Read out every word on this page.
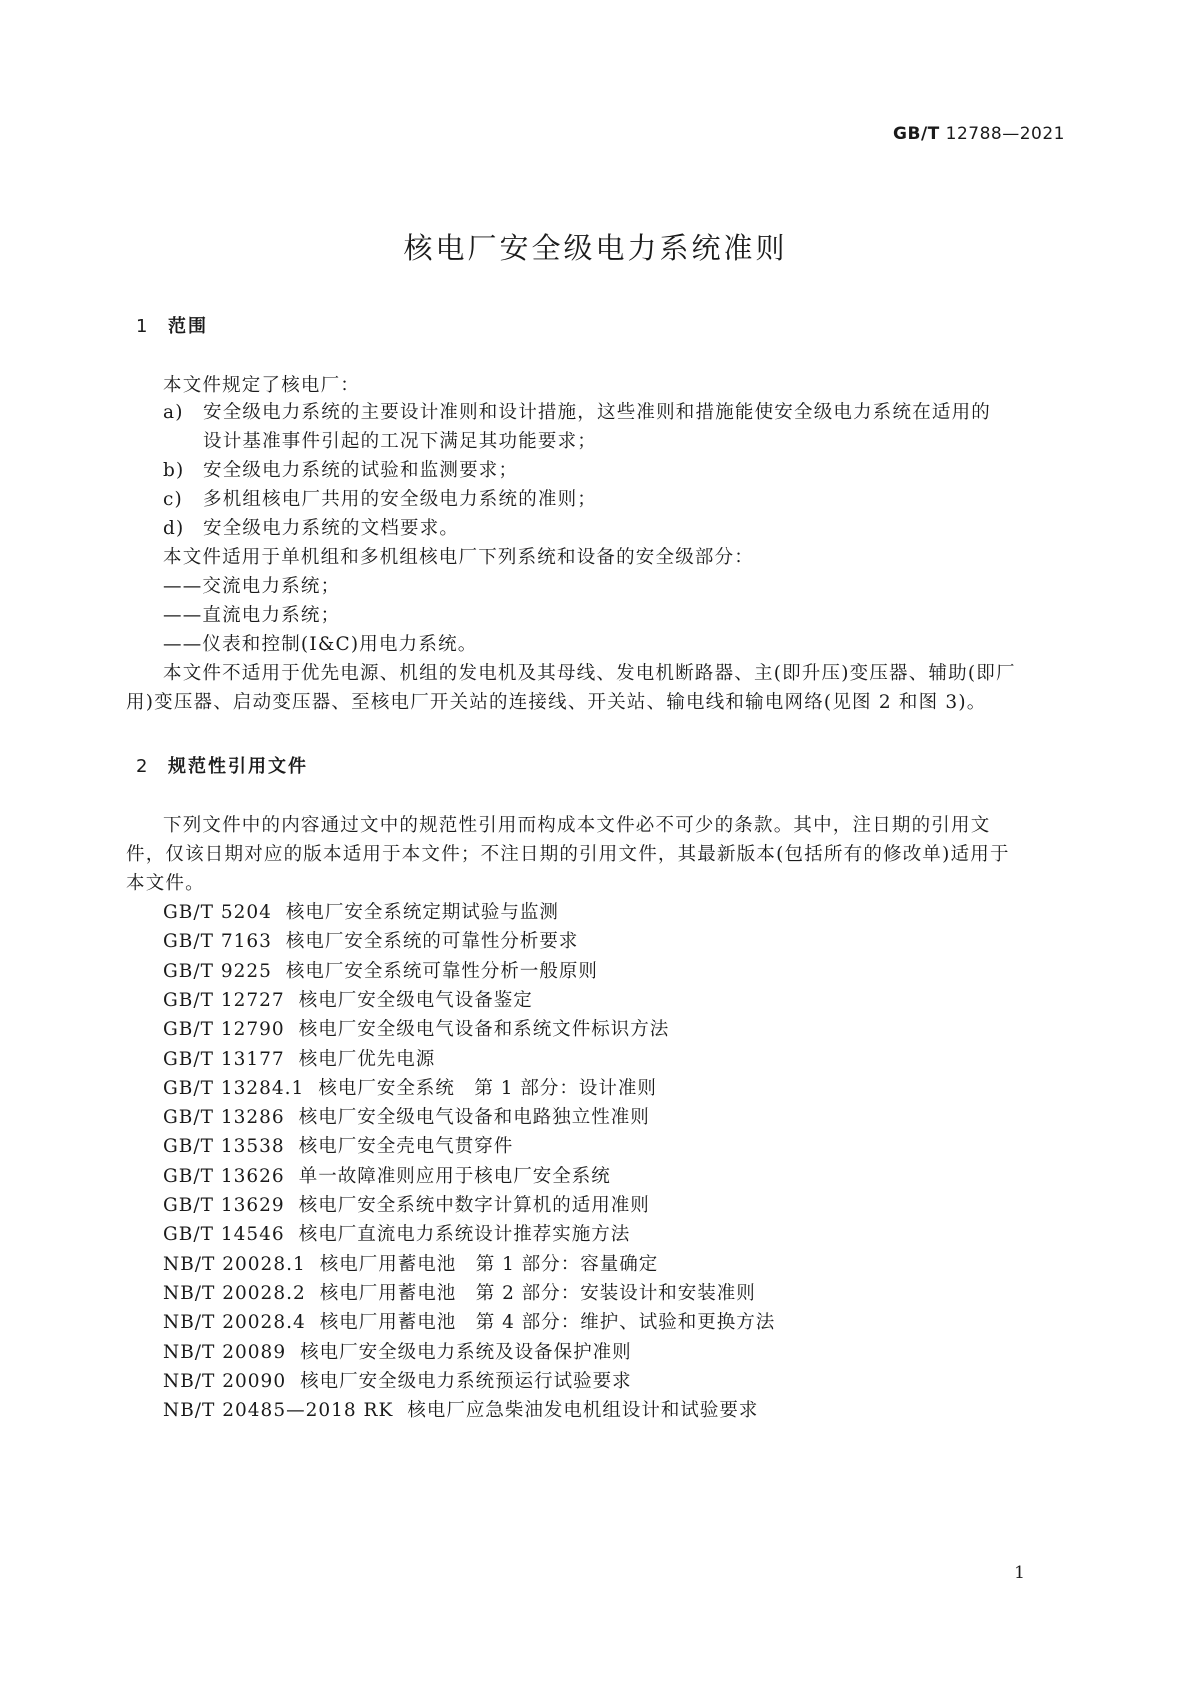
GB/T 12788—2021
核电厂安全级电力系统准则
1 范围
本文件规定了核电厂：
a) 安全级电力系统的主要设计准则和设计措施，这些准则和措施能使安全级电力系统在适用的
设计基准事件引起的工况下满足其功能要求；
b) 安全级电力系统的试验和监测要求；
c) 多机组核电厂共用的安全级电力系统的准则；
d) 安全级电力系统的文档要求。
本文件适用于单机组和多机组核电厂下列系统和设备的安全级部分：
——交流电力系统；
——直流电力系统；
——仪表和控制(I&C)用电力系统。
本文件不适用于优先电源、机组的发电机及其母线、发电机断路器、主(即升压)变压器、辅助(即厂
用)变压器、启动变压器、至核电厂开关站的连接线、开关站、输电线和输电网络(见图 2 和图 3)。
2 规范性引用文件
下列文件中的内容通过文中的规范性引用而构成本文件必不可少的条款。其中，注日期的引用文
件，仅该日期对应的版本适用于本文件；不注日期的引用文件，其最新版本(包括所有的修改单)适用于
本文件。
GB/T 5204 核电厂安全系统定期试验与监测
GB/T 7163 核电厂安全系统的可靠性分析要求
GB/T 9225 核电厂安全系统可靠性分析一般原则
GB/T 12727 核电厂安全级电气设备鉴定
GB/T 12790 核电厂安全级电气设备和系统文件标识方法
GB/T 13177 核电厂优先电源
GB/T 13284.1 核电厂安全系统　第 1 部分：设计准则
GB/T 13286 核电厂安全级电气设备和电路独立性准则
GB/T 13538 核电厂安全壳电气贯穿件
GB/T 13626 单一故障准则应用于核电厂安全系统
GB/T 13629 核电厂安全系统中数字计算机的适用准则
GB/T 14546 核电厂直流电力系统设计推荐实施方法
NB/T 20028.1 核电厂用蓄电池　第 1 部分：容量确定
NB/T 20028.2 核电厂用蓄电池　第 2 部分：安装设计和安装准则
NB/T 20028.4 核电厂用蓄电池　第 4 部分：维护、试验和更换方法
NB/T 20089 核电厂安全级电力系统及设备保护准则
NB/T 20090 核电厂安全级电力系统预运行试验要求
NB/T 20485—2018 RK 核电厂应急柴油发电机组设计和试验要求
1
